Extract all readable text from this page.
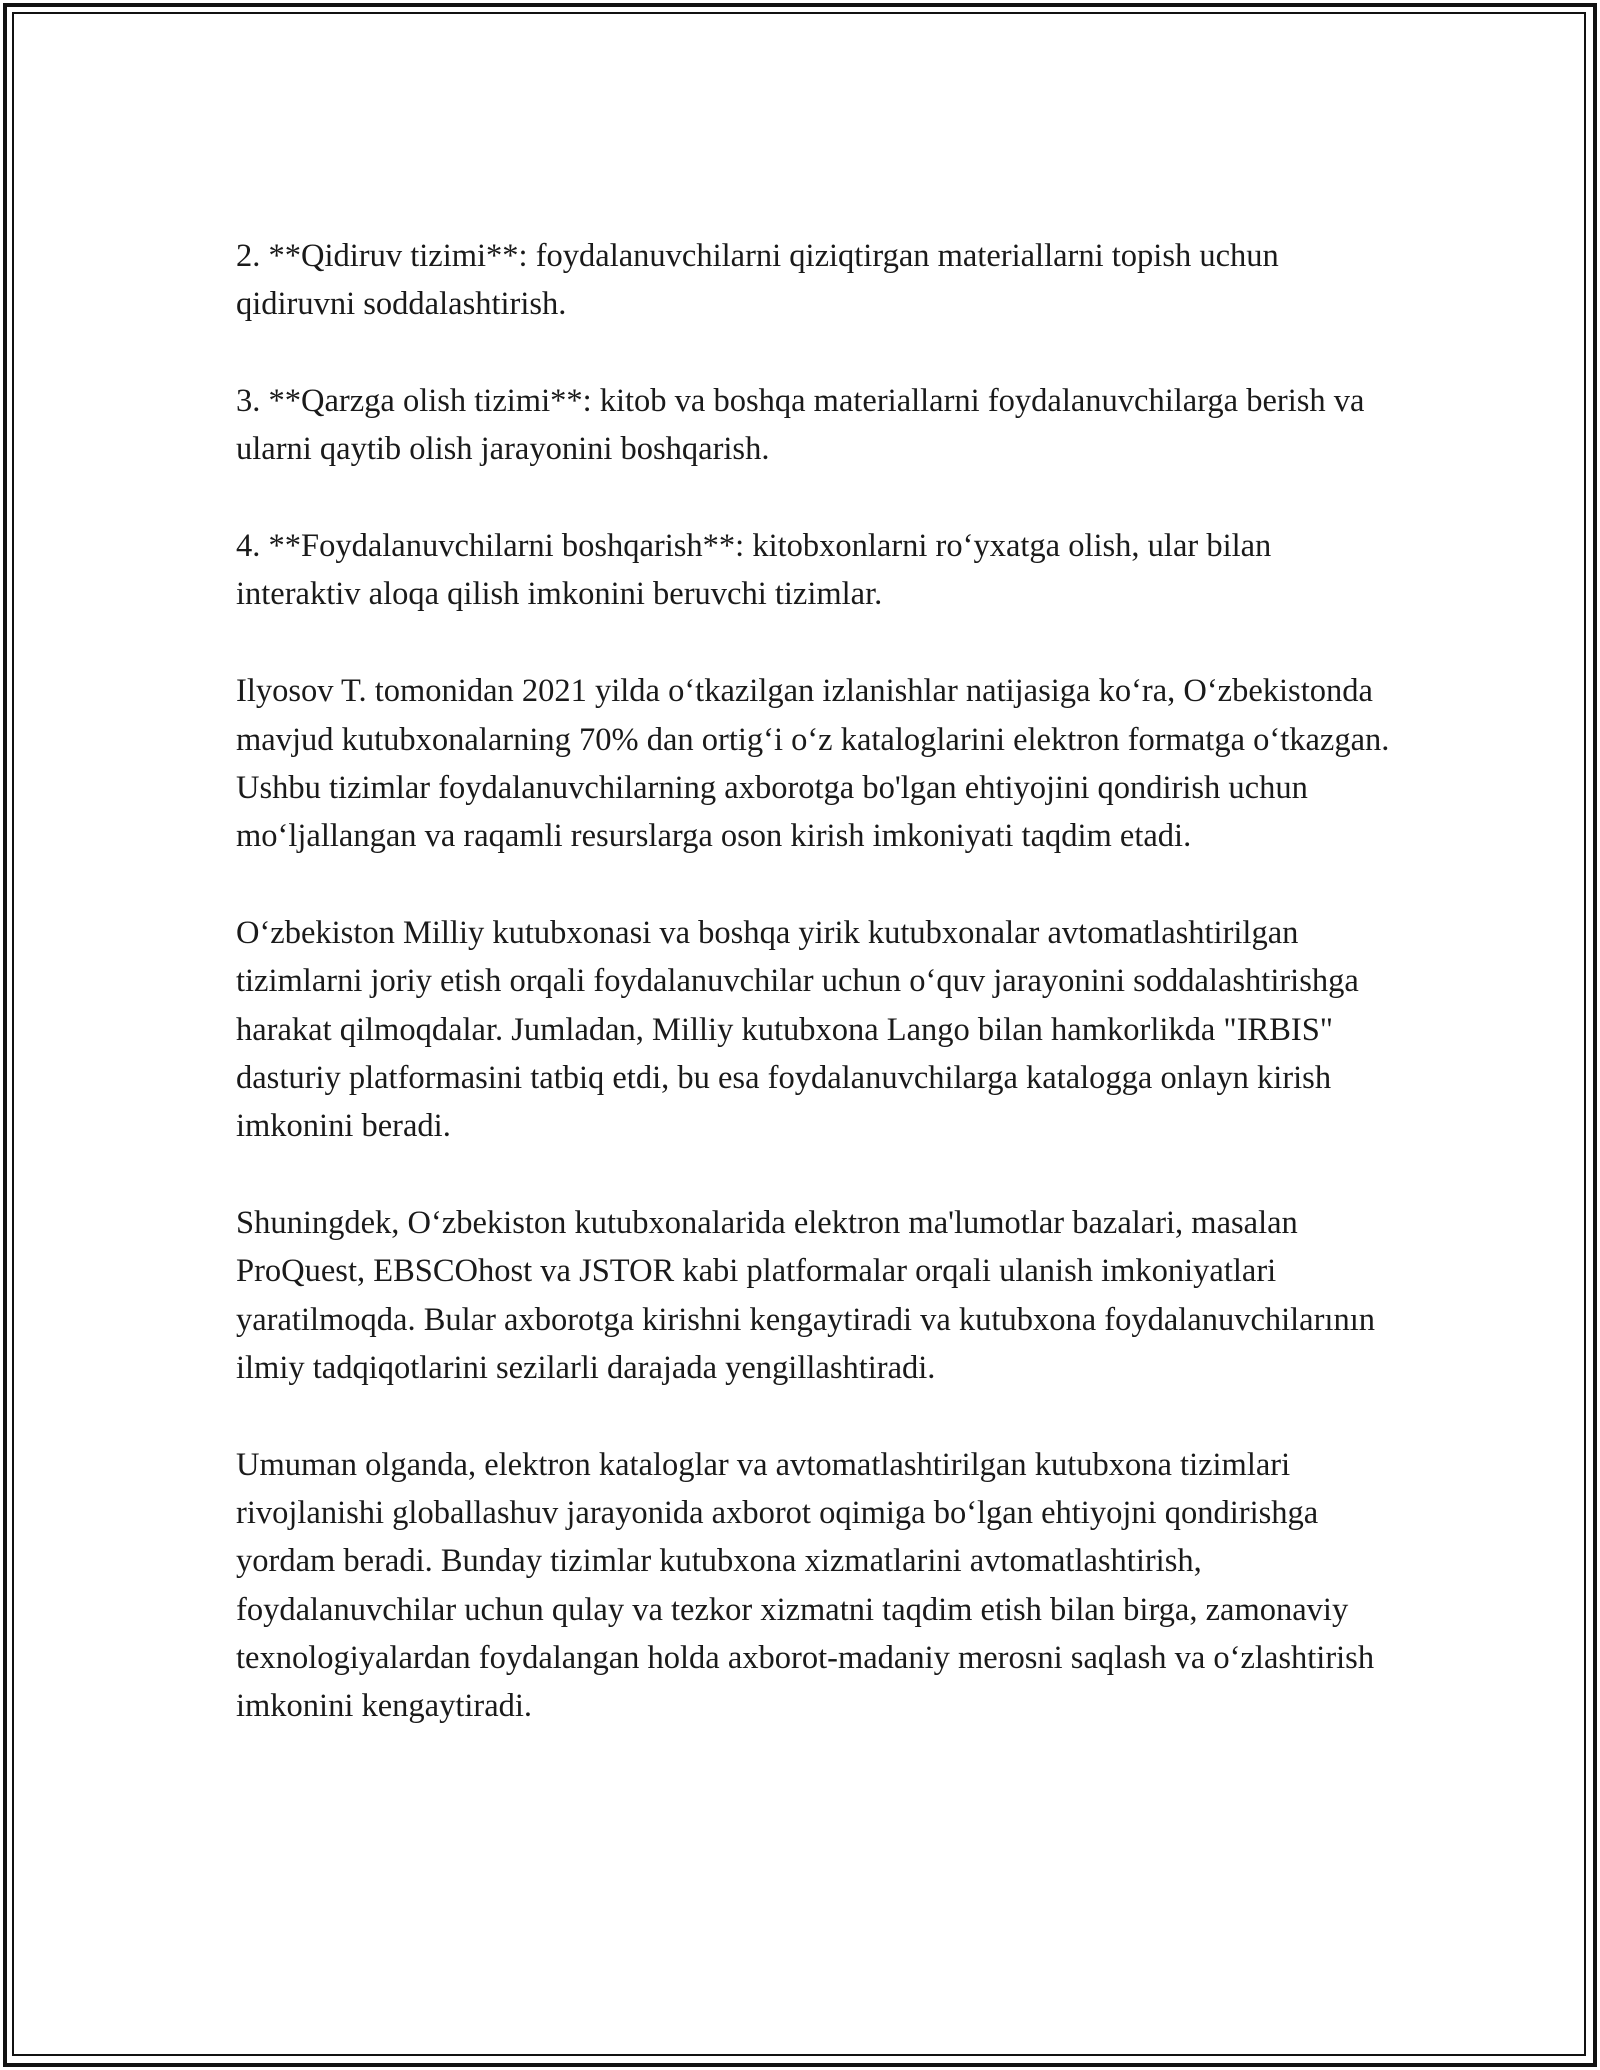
2. **Qidiruv tizimi**: foydalanuvchilarni qiziqtirgan materiallarni topish uchun qidiruvni soddalashtirish.

3. **Qarzga olish tizimi**: kitob va boshqa materiallarni foydalanuvchilarga berish va ularni qaytib olish jarayonini boshqarish.

4. **Foydalanuvchilarni boshqarish**: kitobxonlarni ro‘yxatga olish, ular bilan interaktiv aloqa qilish imkonini beruvchi tizimlar.

Ilyosov T. tomonidan 2021 yilda o‘tkazilgan izlanishlar natijasiga ko‘ra, O‘zbekistonda mavjud kutubxonalarning 70% dan ortig‘i o‘z kataloglarini elektron formatga o‘tkazgan. Ushbu tizimlar foydalanuvchilarning axborotga bo'lgan ehtiyojini qondirish uchun mo‘ljallangan va raqamli resurslarga oson kirish imkoniyati taqdim etadi.

O‘zbekiston Milliy kutubxonasi va boshqa yirik kutubxonalar avtomatlashtirilgan tizimlarni joriy etish orqali foydalanuvchilar uchun o‘quv jarayonini soddalashtirishga harakat qilmoqdalar. Jumladan, Milliy kutubxona Lango bilan hamkorlikda "IRBIS" dasturiy platformasini tatbiq etdi, bu esa foydalanuvchilarga katalogga onlayn kirish imkonini beradi.

Shuningdek, O‘zbekiston kutubxonalarida elektron ma'lumotlar bazalari, masalan ProQuest, EBSCOhost va JSTOR kabi platformalar orqali ulanish imkoniyatlari yaratilmoqda. Bular axborotga kirishni kengaytiradi va kutubxona foydalanuvchilarının ilmiy tadqiqotlarini sezilarli darajada yengillashtiradi.

Umuman olganda, elektron kataloglar va avtomatlashtirilgan kutubxona tizimlari rivojlanishi globallashuv jarayonida axborot oqimiga bo‘lgan ehtiyojni qondirishga yordam beradi. Bunday tizimlar kutubxona xizmatlarini avtomatlashtirish, foydalanuvchilar uchun qulay va tezkor xizmatni taqdim etish bilan birga, zamonaviy texnologiyalardan foydalangan holda axborot-madaniy merosni saqlash va o‘zlashtirish imkonini kengaytiradi.
